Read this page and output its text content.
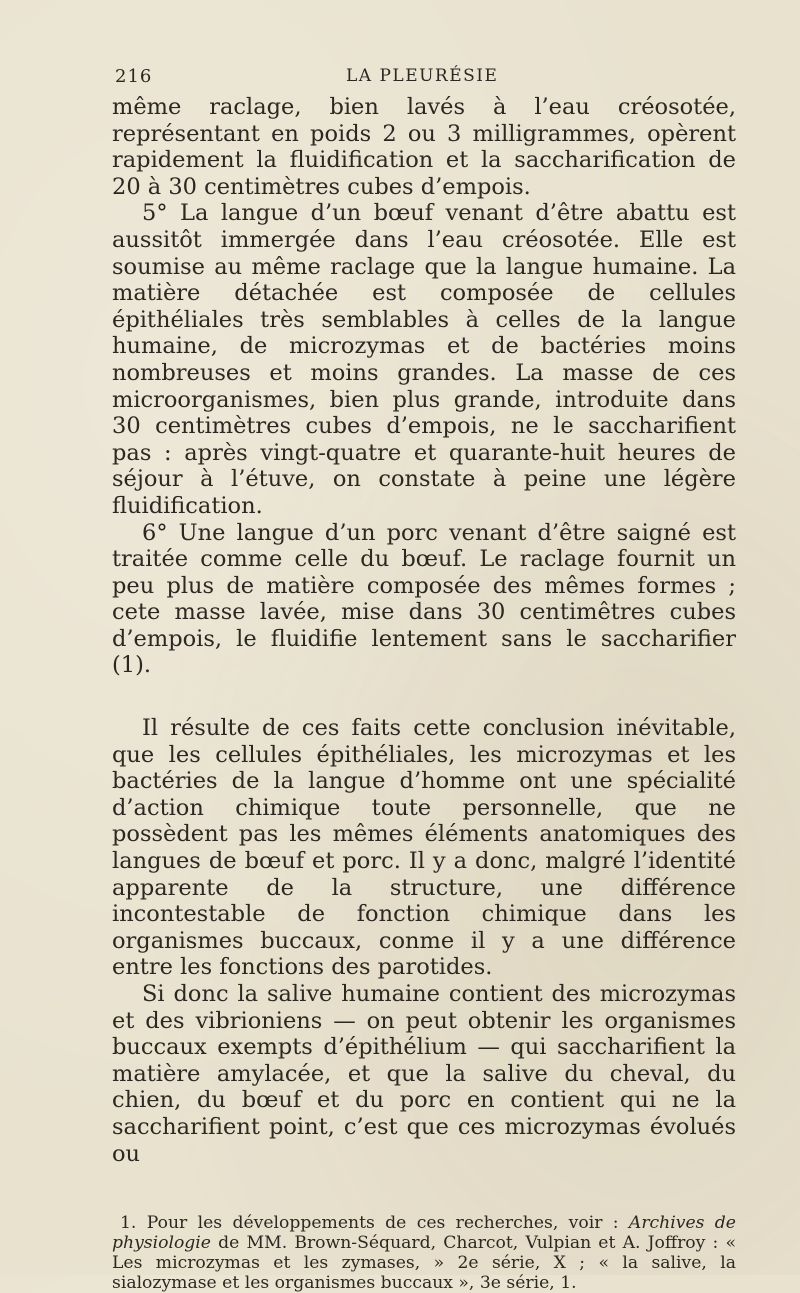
216	LA PLEURÉSIE

même raclage, bien lavés à l’eau créosotée, représentant en poids 2 ou 3 milligrammes, opèrent rapidement la fluidification et la saccharification de 20 à 30 centimètres cubes d’empois.

5° La langue d’un bœuf venant d’être abattu est aussitôt immergée dans l’eau créosotée. Elle est soumise au même raclage que la langue humaine. La matière détachée est composée de cellules épithéliales très semblables à celles de la langue humaine, de microzymas et de bactéries moins nombreuses et moins grandes. La masse de ces microorganismes, bien plus grande, introduite dans 30 centimètres cubes d’empois, ne le saccharifient pas : après vingt-quatre et quarante-huit heures de séjour à l’étuve, on constate à peine une légère fluidification.

6° Une langue d’un porc venant d’être saigné est traitée comme celle du bœuf. Le raclage fournit un peu plus de matière composée des mêmes formes ; cete masse lavée, mise dans 30 centimêtres cubes d’empois, le fluidifie lentement sans le saccharifier (1).

Il résulte de ces faits cette conclusion inévitable, que les cellules épithéliales, les microzymas et les bactéries de la langue d’homme ont une spécialité d’action chimique toute personnelle, que ne possèdent pas les mêmes éléments anatomiques des langues de bœuf et porc. Il y a donc, malgré l’identité apparente de la structure, une différence incontestable de fonction chimique dans les organismes buccaux, conme il y a une différence entre les fonctions des parotides.

Si donc la salive humaine contient des microzymas et des vibrioniens — on peut obtenir les organismes buccaux exempts d’épithélium — qui saccharifient la matière amylacée, et que la salive du cheval, du chien, du bœuf et du porc en contient qui ne la saccharifient point, c’est que ces microzymas évolués ou

1. Pour les développements de ces recherches, voir : Archives de physiologie de MM. Brown-Séquard, Charcot, Vulpian et A. Joffroy : « Les microzymas et les zymases, » 2e série, X ; « la salive, la sialozymase et les organismes buccaux », 3e série, 1.
